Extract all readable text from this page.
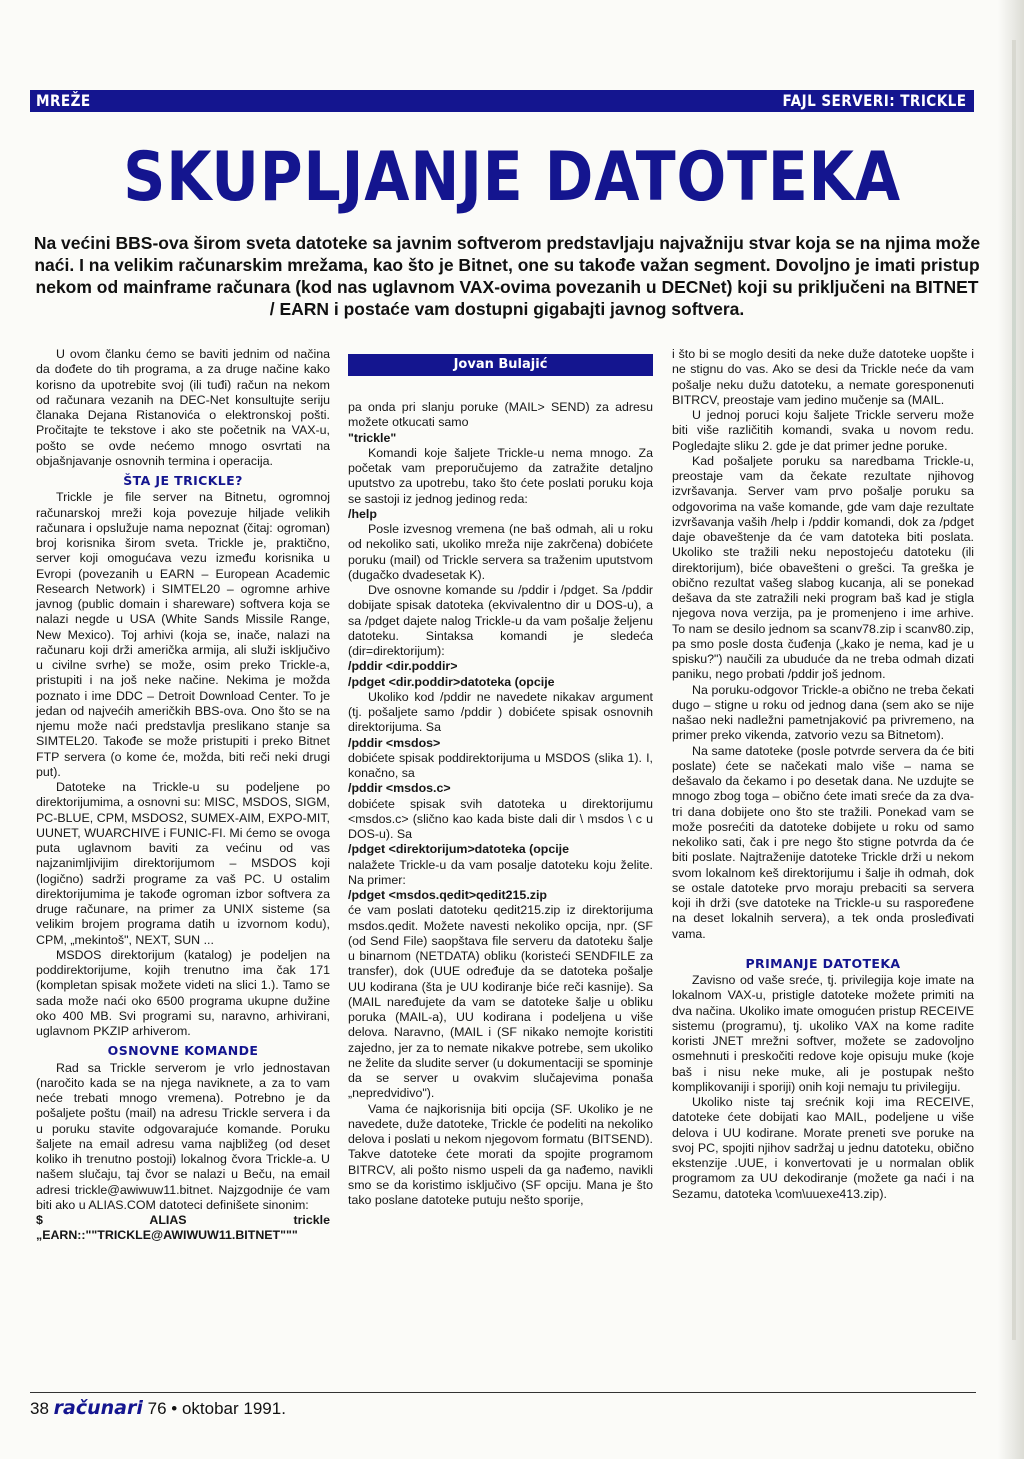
MREŽE	FAJL SERVERI: TRICKLE
SKUPLJANJE DATOTEKA
Na većini BBS-ova širom sveta datoteke sa javnim softverom predstavljaju najvažniju stvar koja se na njima može naći. I na velikim računarskim mrežama, kao što je Bitnet, one su takođe važan segment. Dovoljno je imati pristup nekom od mainframe računara (kod nas uglavnom VAX-ovima povezanih u DECNet) koji su priključeni na BITNET / EARN i postaće vam dostupni gigabajti javnog softvera.
Jovan Bulajić

U ovom članku ćemo se baviti jednim od načina da dođete do tih programa, a za druge načine kako korisno da upotrebite svoj (ili tuđi) račun na nekom od računara vezanih na DEC-Net konsultujte seriju članaka Dejana Ristanovića o elektronskoj pošti. Pročitajte te tekstove i ako ste početnik na VAX-u, pošto se ovde nećemo mnogo osvrtati na objašnjavanje osnovnih termina i operacija.

ŠTA JE TRICKLE?

Trickle je file server na Bitnetu, ogromnoj računarskoj mreži koja povezuje hiljade velikih računara i opslužuje nama nepoznat (čitaj: ogroman) broj korisnika širom sveta. Trickle je, praktično, server koji omogućava vezu između korisnika u Evropi (povezanih u EARN – European Academic Research Network) i SIMTEL20 – ogromne arhive javnog (public domain i shareware) softvera koja se nalazi negde u USA (White Sands Missile Range, New Mexico). Toj arhivi (koja se, inače, nalazi na računaru koji drži američka armija, ali služi isključivo u civilne svrhe) se može, osim preko Trickle-a, pristupiti i na još neke načine. Nekima je možda poznato i ime DDC – Detroit Download Center. To je jedan od najvećih američkih BBS-ova. Ono što se na njemu može naći predstavlja preslikano stanje sa SIMTEL20. Takođe se može pristupiti i preko Bitnet FTP servera (o kome će, možda, biti reči neki drugi put).

Datoteke na Trickle-u su podeljene po direktorijumima, a osnovni su: MISC, MSDOS, SIGM, PC-BLUE, CPM, MSDOS2, SUMEX-AIM, EXPO-MIT, UUNET, WUARCHIVE i FUNIC-FI. Mi ćemo se ovoga puta uglavnom baviti za većinu od vas najzanimljivijim direktorijumom – MSDOS koji (logično) sadrži programe za vaš PC. U ostalim direktorijumima je takođe ogroman izbor softvera za druge računare, na primer za UNIX sisteme (sa velikim brojem programa datih u izvornom kodu), CPM, „mekintoš", NEXT, SUN ...

MSDOS direktorijum (katalog) je podeljen na poddirektorijume, kojih trenutno ima čak 171 (kompletan spisak možete videti na slici 1.). Tamo se sada može naći oko 6500 programa ukupne dužine oko 400 MB. Svi programi su, naravno, arhivirani, uglavnom PKZIP arhiverom.

OSNOVNE KOMANDE

Rad sa Trickle serverom je vrlo jednostavan (naročito kada se na njega naviknete, a za to vam neće trebati mnogo vremena). Potrebno je da pošaljete poštu (mail) na adresu Trickle servera i da u poruku stavite odgovarajuće komande. Poruku šaljete na email adresu vama najbližeg (od deset koliko ih trenutno postoji) lokalnog čvora Trickle-a. U našem slučaju, taj čvor se nalazi u Beču, na email adresi trickle@awiwuw11.bitnet. Najzgodnije će vam biti ako u ALIAS.COM datoteci definišete sinonim:

$ ALIAS trickle „EARN::""TRICKLE@AWIWUW11.BITNET"""

pa onda pri slanju poruke (MAIL> SEND) za adresu možete otkucati samo

"trickle"

Komandi koje šaljete Trickle-u nema mnogo. Za početak vam preporučujemo da zatražite detaljno uputstvo za upotrebu, tako što ćete poslati poruku koja se sastoji iz jednog jedinog reda:

/help

Posle izvesnog vremena (ne baš odmah, ali u roku od nekoliko sati, ukoliko mreža nije zakrčena) dobićete poruku (mail) od Trickle servera sa traženim uputstvom (dugačko dvadesetak K).

Dve osnovne komande su /pddir i /pdget. Sa /pddir dobijate spisak datoteka (ekvivalentno dir u DOS-u), a sa /pdget dajete nalog Trickle-u da vam pošalje željenu datoteku. Sintaksa komandi je sledeća (dir=direktorijum):

/pddir <dir.poddir>

/pdget <dir.poddir>datoteka (opcije

Ukoliko kod /pddir ne navedete nikakav argument (tj. pošaljete samo /pddir ) dobićete spisak osnovnih direktorijuma. Sa

/pddir <msdos>

dobićete spisak poddirektorijuma u MSDOS (slika 1). I, konačno, sa

/pddir <msdos.c>

dobićete spisak svih datoteka u direktorijumu <msdos.c> (slično kao kada biste dali dir \ msdos \ c u DOS-u). Sa

/pdget <direktorijum>datoteka (opcije

nalažete Trickle-u da vam posalje datoteku koju želite. Na primer:

/pdget <msdos.qedit>qedit215.zip

će vam poslati datoteku qedit215.zip iz direktorijuma msdos.qedit. Možete navesti nekoliko opcija, npr. (SF (od Send File) saopštava file serveru da datoteku šalje u binarnom (NETDATA) obliku (koristeći SENDFILE za transfer), dok (UUE određuje da se datoteka pošalje UU kodirana (šta je UU kodiranje biće reči kasnije). Sa (MAIL naređujete da vam se datoteke šalje u obliku poruka (MAIL-a), UU kodirana i podeljena u više delova. Naravno, (MAIL i (SF nikako nemojte koristiti zajedno, jer za to nemate nikakve potrebe, sem ukoliko ne želite da sludite server (u dokumentaciji se spominje da se server u ovakvim slučajevima ponaša „nepredvidivo").

Vama će najkorisnija biti opcija (SF. Ukoliko je ne navedete, duže datoteke, Trickle će podeliti na nekoliko delova i poslati u nekom njegovom formatu (BITSEND). Takve datoteke ćete morati da spojite programom BITRCV, ali pošto nismo uspeli da ga nađemo, navikli smo se da koristimo isključivo (SF opciju. Mana je što tako poslane datoteke putuju nešto sporije,

i što bi se moglo desiti da neke duže datoteke uopšte i ne stignu do vas. Ako se desi da Trickle neće da vam pošalje neku dužu datoteku, a nemate goresponenuti BITRCV, preostaje vam jedino mučenje sa (MAIL.

U jednoj poruci koju šaljete Trickle serveru može biti više različitih komandi, svaka u novom redu. Pogledajte sliku 2. gde je dat primer jedne poruke.

Kad pošaljete poruku sa naredbama Trickle-u, preostaje vam da čekate rezultate njihovog izvršavanja. Server vam prvo pošalje poruku sa odgovorima na vaše komande, gde vam daje rezultate izvršavanja vaših /help i /pddir komandi, dok za /pdget daje obaveštenje da će vam datoteka biti poslata. Ukoliko ste tražili neku nepostojeću datoteku (ili direktorijum), biće obavešteni o grešci. Ta greška je obično rezultat vašeg slabog kucanja, ali se ponekad dešava da ste zatražili neki program baš kad je stigla njegova nova verzija, pa je promenjeno i ime arhive. To nam se desilo jednom sa scanv78.zip i scanv80.zip, pa smo posle dosta čuđenja („kako je nema, kad je u spisku?") naučili za ubuduće da ne treba odmah dizati paniku, nego probati /pddir još jednom.

Na poruku-odgovor Trickle-a obično ne treba čekati dugo – stigne u roku od jednog dana (sem ako se nije našao neki nadležni pametnjaković pa privremeno, na primer preko vikenda, zatvorio vezu sa Bitnetom).

Na same datoteke (posle potvrde servera da će biti poslate) ćete se načekati malo više – nama se dešavalo da čekamo i po desetak dana. Ne uzdujte se mnogo zbog toga – obično ćete imati sreće da za dva-tri dana dobijete ono što ste tražili. Ponekad vam se može posrećiti da datoteke dobijete u roku od samo nekoliko sati, čak i pre nego što stigne potvrda da će biti poslate. Najtraženije datoteke Trickle drži u nekom svom lokalnom keš direktorijumu i šalje ih odmah, dok se ostale datoteke prvo moraju prebaciti sa servera koji ih drži (sve datoteke na Trickle-u su raspoređene na deset lokalnih servera), a tek onda prosleđivati vama.

PRIMANJE DATOTEKA

Zavisno od vaše sreće, tj. privilegija koje imate na lokalnom VAX-u, pristigle datoteke možete primiti na dva načina. Ukoliko imate omogućen pristup RECEIVE sistemu (programu), tj. ukoliko VAX na kome radite koristi JNET mrežni softver, možete se zadovoljno osmehnuti i preskočiti redove koje opisuju muke (koje baš i nisu neke muke, ali je postupak nešto komplikovaniji i sporiji) onih koji nemaju tu privilegiju.

Ukoliko niste taj srećnik koji ima RECEIVE, datoteke ćete dobijati kao MAIL, podeljene u više delova i UU kodirane. Morate preneti sve poruke na svoj PC, spojiti njihov sadržaj u jednu datoteku, obično ekstenzije .UUE, i konvertovati je u normalan oblik programom za UU dekodiranje (možete ga naći i na Sezamu, datoteka \com\uuexe413.zip).

38 računari 76 • oktobar 1991.
